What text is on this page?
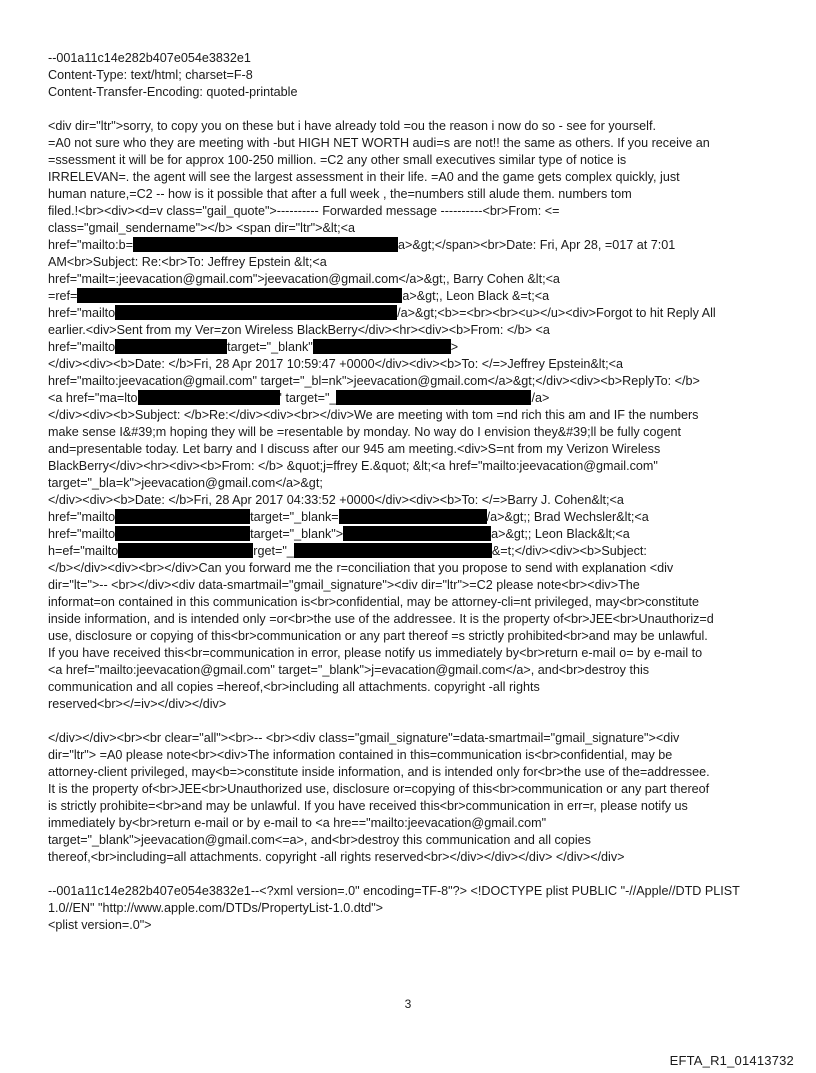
--001a11c14e282b407e054e3832e1
Content-Type: text/html; charset=F-8
Content-Transfer-Encoding: quoted-printable
<div dir="ltr">sorry, to copy you on these but i have already told =ou the reason i now do so - see for yourself.
=A0 not sure who they are meeting with -but HIGH NET WORTH audi=s are not!! the same as others. If you receive an
=ssessment it will be for approx 100-250 million. =C2 any other small executives similar type of notice is
IRRELEVAN=. the agent will see the largest assessment in their life. =A0 and the game gets complex quickly, just
human nature,=C2 -- how is it possible that after a full week , the=numbers still alude them. numbers tom
filed.!<br><div><d=v class="gail_quote">---------- Forwarded message ----------<br>From: <=
class="gmail_sendername"></b> <span dir="ltr">&lt;<a
href="mailto:b=	a>&gt;</span><br>Date: Fri, Apr 28, =017 at 7:01
AM<br>Subject: Re:<br>To: Jeffrey Epstein &lt;<a
href="mailt=:jeevacation@gmail.com">jeevacation@gmail.com</a>&gt;, Barry Cohen &lt;<a
=ref=	a>&gt;, Leon Black &=t;<a
href="mailto	/a>&gt;<b>=<br><br><u></u><div>Forgot to hit Reply All
earlier.<div>Sent from my Ver=zon Wireless BlackBerry</div><hr><div><b>From: </b> <a
href="mailto	target="_blank"	>
</div><div><b>Date: </b>Fri, 28 Apr 2017 10:59:47 +0000</div><div><b>To: </=>Jeffrey Epstein&lt;<a
href="mailto:jeevacation@gmail.com" target="_bl=nk">jeevacation@gmail.com</a>&gt;</div><div><b>ReplyTo: </b>
<a href="ma=lto	' target="_	/a>
</div><div><b>Subject: </b>Re:</div><div><br></div>We are meeting with tom =nd rich this am and IF the numbers
make sense I&#39;m hoping they will be =resentable by monday. No way do I envision they&#39;ll be fully cogent
and=presentable today. Let barry and I discuss after our 945 am meeting.<div>S=nt from my Verizon Wireless
BlackBerry</div><hr><div><b>From: </b> &quot;j=ffrey E.&quot; &lt;<a href="mailto:jeevacation@gmail.com"
target="_bla=k">jeevacation@gmail.com</a>&gt;
</div><div><b>Date: </b>Fri, 28 Apr 2017 04:33:52 +0000</div><div><b>To: </=>Barry J. Cohen&lt;<a
href="mailto	target="_blank=	/a>&gt;; Brad Wechsler&lt;<a
href="mailto	target="_blank">	a>&gt;; Leon Black&lt;<a
h=ef="mailto	rget="_	&=t;</div><div><b>Subject:
</b></div><div><br></div>Can you forward me the r=conciliation that you propose to send with explanation <div
dir="lt=">-- <br></div><div data-smartmail="gmail_signature"><div dir="ltr">=C2 please note<br><div>The
informat=on contained in this communication is<br>confidential, may be attorney-cli=nt privileged, may<br>constitute
inside information, and is intended only =or<br>the use of the addressee. It is the property of<br>JEE<br>Unauthoriz=d
use, disclosure or copying of this<br>communication or any part thereof =s strictly prohibited<br>and may be unlawful.
If you have received this<br=communication in error, please notify us immediately by<br>return e-mail o= by e-mail to
<a href="mailto:jeevacation@gmail.com" target="_blank">j=evacation@gmail.com</a>, and<br>destroy this
communication and all copies =hereof,<br>including all attachments. copyright -all rights
reserved<br></=iv></div></div>
</div></div><br><br clear="all"><br>-- <br><div class="gmail_signature"=data-smartmail="gmail_signature"><div
dir="ltr"> =A0 please note<br><div>The information contained in this=communication is<br>confidential, may be
attorney-client privileged, may<b=>constitute inside information, and is intended only for<br>the use of the=addressee.
It is the property of<br>JEE<br>Unauthorized use, disclosure or=copying of this<br>communication or any part thereof
is strictly prohibite=<br>and may be unlawful. If you have received this<br>communication in err=r, please notify us
immediately by<br>return e-mail or by e-mail to <a hre=="mailto:jeevacation@gmail.com"
target="_blank">jeevacation@gmail.com<=a>, and<br>destroy this communication and all copies
thereof,<br>including=all attachments. copyright -all rights reserved<br></div></div></div> </div></div>
--001a11c14e282b407e054e3832e1--<?xml version=.0" encoding=TF-8"?> <!DOCTYPE plist PUBLIC "-//Apple//DTD PLIST
1.0//EN" "http://www.apple.com/DTDs/PropertyList-1.0.dtd">
<plist version=.0">
3
EFTA_R1_01413732
